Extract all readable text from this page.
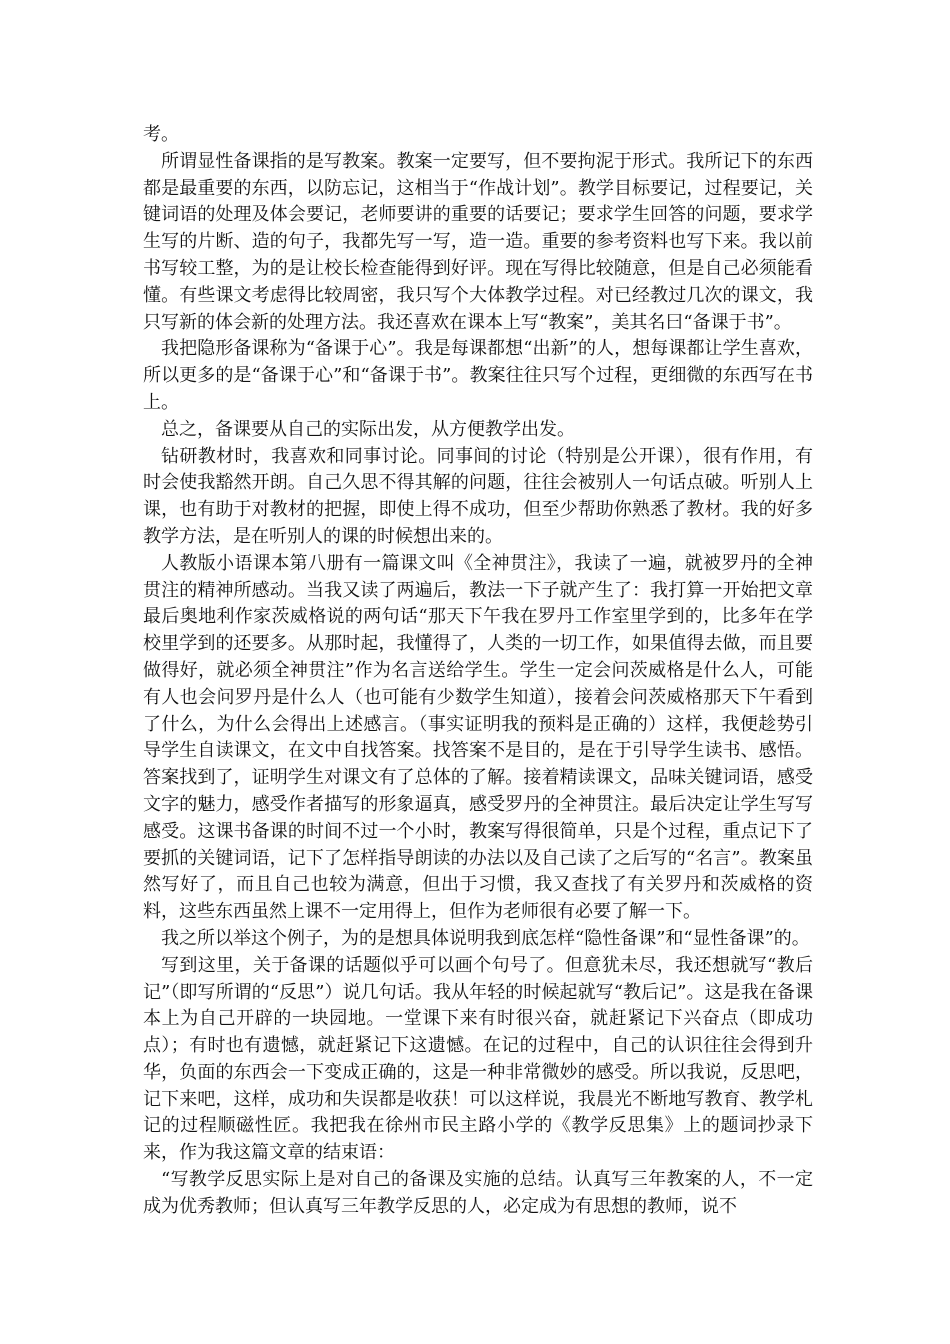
考。

所谓显性备课指的是写教案。教案一定要写，但不要拘泥于形式。我所记下的东西都是最重要的东西，以防忘记，这相当于“作战计划”。教学目标要记，过程要记，关键词语的处理及体会要记，老师要讲的重要的话要记；要求学生回答的问题，要求学生写的片断、造的句子，我都先写一写，造一造。重要的参考资料也写下来。我以前书写较工整，为的是让校长检查能得到好评。现在写得比较随意，但是自己必须能看懂。有些课文考虑得比较周密，我只写个大体教学过程。对已经教过几次的课文，我只写新的体会新的处理方法。我还喜欢在课本上写“教案”，美其名曰“备课于书”。

我把隐形备课称为“备课于心”。我是每课都想“出新”的人，想每课都让学生喜欢，所以更多的是“备课于心”和“备课于书”。教案往往只写个过程，更细微的东西写在书上。

总之，备课要从自己的实际出发，从方便教学出发。

钻研教材时，我喜欢和同事讨论。同事间的讨论（特别是公开课），很有作用，有时会使我豁然开朗。自己久思不得其解的问题，往往会被别人一句话点破。听别人上课，也有助于对教材的把握，即使上得不成功，但至少帮助你熟悉了教材。我的好多教学方法，是在听别人的课的时候想出来的。

人教版小语课本第八册有一篇课文叫《全神贯注》，我读了一遍，就被罗丹的全神贯注的精神所感动。当我又读了两遍后，教法一下子就产生了：我打算一开始把文章最后奥地利作家茨威格说的两句话“那天下午我在罗丹工作室里学到的，比多年在学校里学到的还要多。从那时起，我懂得了，人类的一切工作，如果值得去做，而且要做得好，就必须全神贯注”作为名言送给学生。学生一定会问茨威格是什么人，可能有人也会问罗丹是什么人（也可能有少数学生知道），接着会问茨威格那天下午看到了什么，为什么会得出上述感言。（事实证明我的预料是正确的）这样，我便趁势引导学生自读课文，在文中自找答案。找答案不是目的，是在于引导学生读书、感悟。答案找到了，证明学生对课文有了总体的了解。接着精读课文，品味关键词语，感受文字的魅力，感受作者描写的形象逼真，感受罗丹的全神贯注。最后决定让学生写写感受。这课书备课的时间不过一个小时，教案写得很简单，只是个过程，重点记下了要抓的关键词语，记下了怎样指导朗读的办法以及自己读了之后写的“名言”。教案虽然写好了，而且自己也较为满意，但出于习惯，我又查找了有关罗丹和茨威格的资料，这些东西虽然上课不一定用得上，但作为老师很有必要了解一下。

我之所以举这个例子，为的是想具体说明我到底怎样“隐性备课”和“显性备课”的。

写到这里，关于备课的话题似乎可以画个句号了。但意犹未尽，我还想就写“教后记”（即写所谓的“反思”）说几句话。我从年轻的时候起就写“教后记”。这是我在备课本上为自己开辟的一块园地。一堂课下来有时很兴奋，就赶紧记下兴奋点（即成功点）；有时也有遗憾，就赶紧记下这遗憾。在记的过程中，自己的认识往往会得到升华，负面的东西会一下变成正确的，这是一种非常微妙的感受。所以我说，反思吧，记下来吧，这样，成功和失误都是收获！可以这样说，我晨光不断地写教育、教学札记的过程顺磁性匠。我把我在徐州市民主路小学的《教学反思集》上的题词抄录下来，作为我这篇文章的结束语：

“写教学反思实际上是对自己的备课及实施的总结。认真写三年教案的人，不一定成为优秀教师；但认真写三年教学反思的人，必定成为有思想的教师，说不
